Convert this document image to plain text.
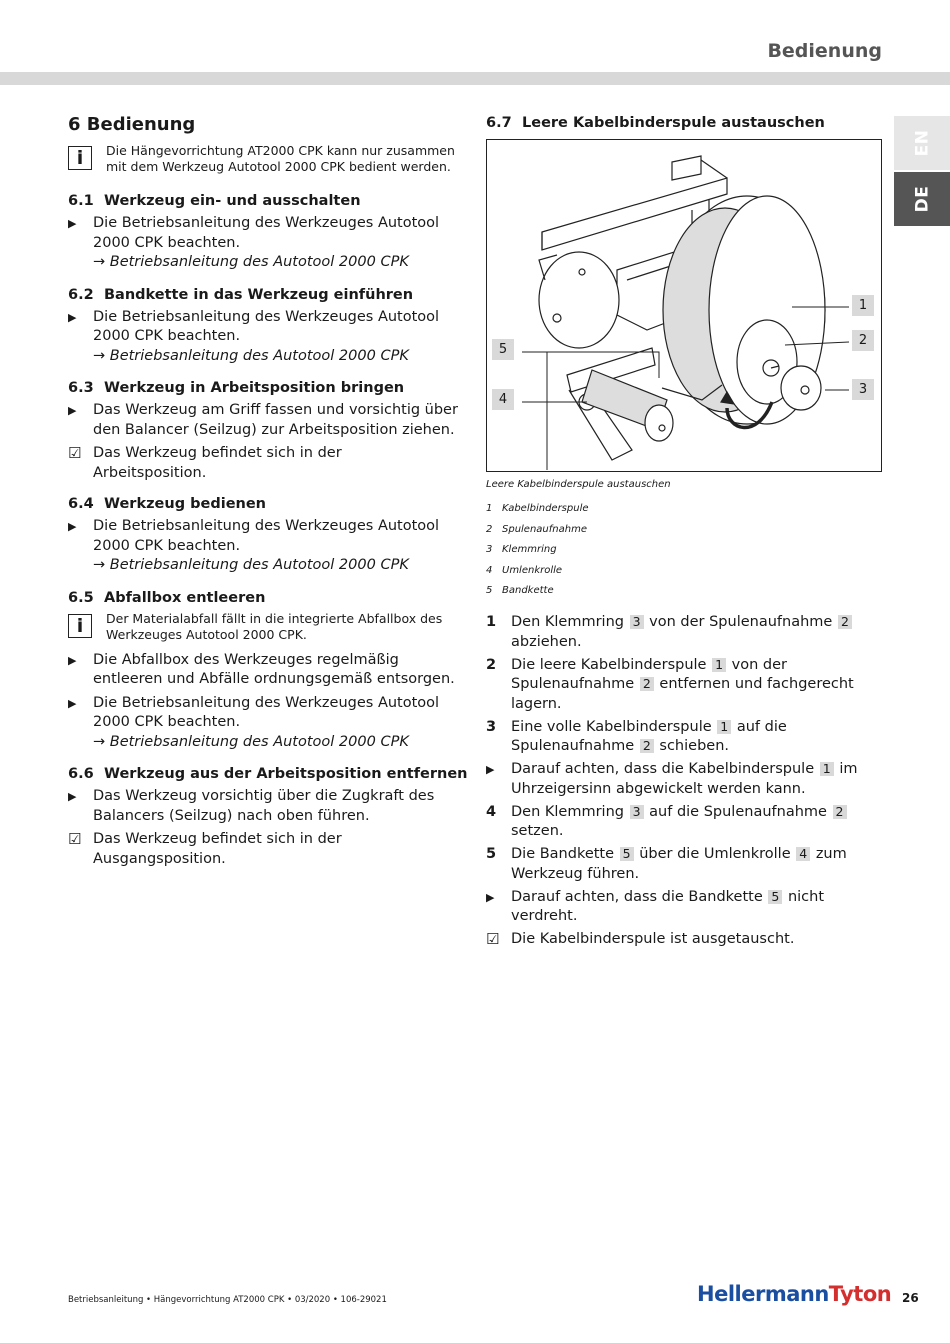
Bedienung
EN
DE
6 Bedienung
i	Die Hängevorrichtung AT2000 CPK kann nur zusammen mit dem Werkzeug Autotool 2000 CPK bedient werden.
6.1 Werkzeug ein- und ausschalten
▶	Die Betriebsanleitung des Werkzeuges Autotool 2000 CPK beachten.
→ Betriebsanleitung des Autotool 2000 CPK
6.2 Bandkette in das Werkzeug einführen
▶	Die Betriebsanleitung des Werkzeuges Autotool 2000 CPK beachten.
→ Betriebsanleitung des Autotool 2000 CPK
6.3 Werkzeug in Arbeitsposition bringen
▶	Das Werkzeug am Griff fassen und vorsichtig über den Balancer (Seilzug) zur Arbeitsposition ziehen.
☑ Das Werkzeug befindet sich in der Arbeitsposition.
6.4 Werkzeug bedienen
▶	Die Betriebsanleitung des Werkzeuges Autotool 2000 CPK beachten.
→ Betriebsanleitung des Autotool 2000 CPK
6.5 Abfallbox entleeren
i	Der Materialabfall fällt in die integrierte Abfallbox des Werkzeuges Autotool 2000 CPK.
▶	Die Abfallbox des Werkzeuges regelmäßig entleeren und Abfälle ordnungsgemäß entsorgen.
▶	Die Betriebsanleitung des Werkzeuges Autotool 2000 CPK beachten.
→ Betriebsanleitung des Autotool 2000 CPK
6.6 Werkzeug aus der Arbeitsposition entfernen
▶	Das Werkzeug vorsichtig über die Zugkraft des Balancers (Seilzug) nach oben führen.
☑ Das Werkzeug befindet sich in der Ausgangsposition.
6.7 Leere Kabelbinderspule austauschen
1
2
3
5
4
Leere Kabelbinderspule austauschen
1 Kabelbinderspule
2 Spulenaufnahme
3 Klemmring
4 Umlenkrolle
5 Bandkette
1 Den Klemmring 3 von der Spulenaufnahme 2 abziehen.
2 Die leere Kabelbinderspule 1 von der Spulenaufnahme 2 entfernen und fachgerecht lagern.
3 Eine volle Kabelbinderspule 1 auf die Spulenaufnahme 2 schieben.
▶ Darauf achten, dass die Kabelbinderspule 1 im Uhrzeigersinn abgewickelt werden kann.
4 Den Klemmring 3 auf die Spulenaufnahme 2 setzen.
5 Die Bandkette 5 über die Umlenkrolle 4 zum Werkzeug führen.
▶ Darauf achten, dass die Bandkette 5 nicht verdreht.
☑ Die Kabelbinderspule ist ausgetauscht.
Betriebsanleitung • Hängevorrichtung AT2000 CPK • 03/2020 • 106-29021	HellermannTyton 26
